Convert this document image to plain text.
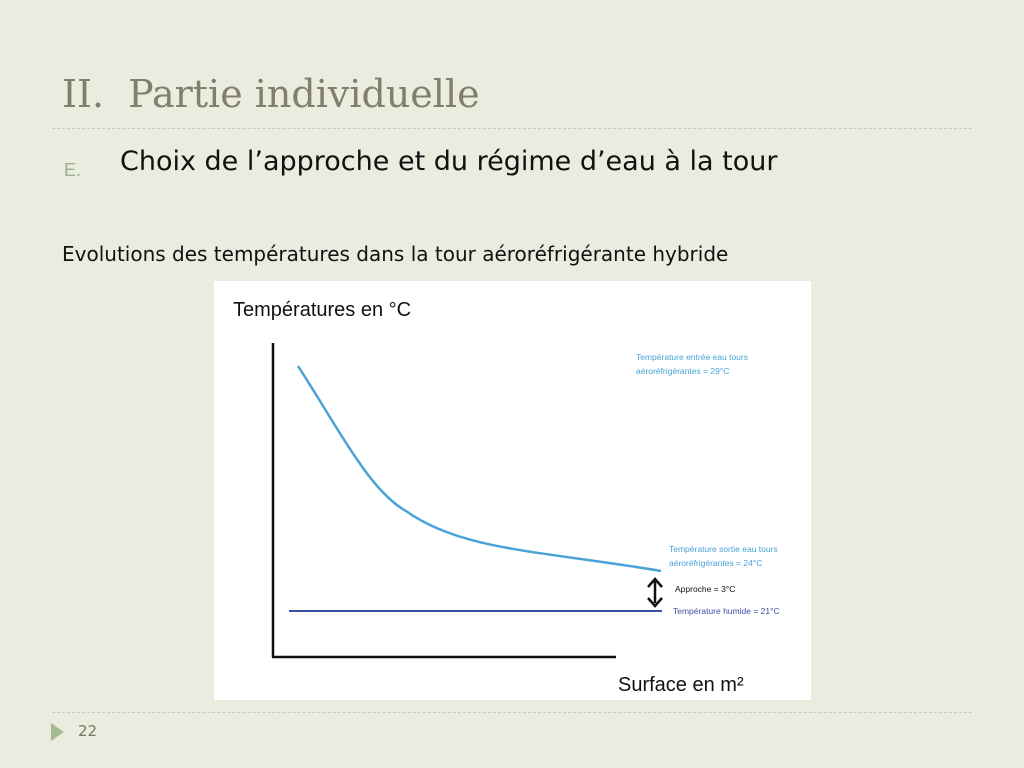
II. Partie individuelle
E. Choix de l’approche et du régime d’eau à la tour
Evolutions des températures dans la tour aéroréfrigérante hybride
Températures en °C
Surface en m²
Température entrée eau tours
aéroréfrigérantes = 29°C
Température sortie eau tours
aéroréfrigérantes = 24°C
Approche = 3°C
Température humide = 21°C
22
